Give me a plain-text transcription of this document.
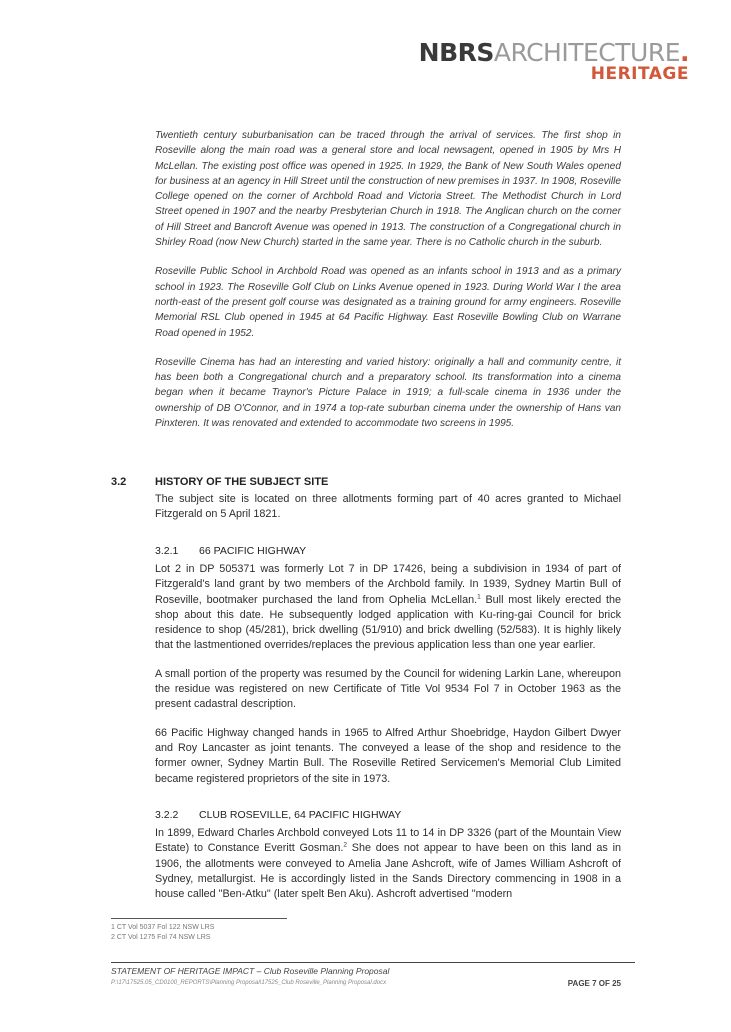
NBRSARCHITECTURE.
HERITAGE

Twentieth century suburbanisation can be traced through the arrival of services. The first shop in Roseville along the main road was a general store and local newsagent, opened in 1905 by Mrs H McLellan. The existing post office was opened in 1925. In 1929, the Bank of New South Wales opened for business at an agency in Hill Street until the construction of new premises in 1937. In 1908, Roseville College opened on the corner of Archbold Road and Victoria Street. The Methodist Church in Lord Street opened in 1907 and the nearby Presbyterian Church in 1918. The Anglican church on the corner of Hill Street and Bancroft Avenue was opened in 1913. The construction of a Congregational church in Shirley Road (now New Church) started in the same year. There is no Catholic church in the suburb.

Roseville Public School in Archbold Road was opened as an infants school in 1913 and as a primary school in 1923. The Roseville Golf Club on Links Avenue opened in 1923. During World War I the area north-east of the present golf course was designated as a training ground for army engineers. Roseville Memorial RSL Club opened in 1945 at 64 Pacific Highway. East Roseville Bowling Club on Warrane Road opened in 1952.

Roseville Cinema has had an interesting and varied history: originally a hall and community centre, it has been both a Congregational church and a preparatory school. Its transformation into a cinema began when it became Traynor's Picture Palace in 1919; a full-scale cinema in 1936 under the ownership of DB O'Connor, and in 1974 a top-rate suburban cinema under the ownership of Hans van Pinxteren. It was renovated and extended to accommodate two screens in 1995.

3.2	HISTORY OF THE SUBJECT SITE

The subject site is located on three allotments forming part of 40 acres granted to Michael Fitzgerald on 5 April 1821.

3.2.1 66 PACIFIC HIGHWAY

Lot 2 in DP 505371 was formerly Lot 7 in DP 17426, being a subdivision in 1934 of part of Fitzgerald's land grant by two members of the Archbold family. In 1939, Sydney Martin Bull of Roseville, bootmaker purchased the land from Ophelia McLellan.$^1$ Bull most likely erected the shop about this date. He subsequently lodged application with Ku-ring-gai Council for brick residence to shop (45/281), brick dwelling (51/910) and brick dwelling (52/583). It is highly likely that the lastmentioned overrides/replaces the previous application less than one year earlier.

A small portion of the property was resumed by the Council for widening Larkin Lane, whereupon the residue was registered on new Certificate of Title Vol 9534 Fol 7 in October 1963 as the present cadastral description.

66 Pacific Highway changed hands in 1965 to Alfred Arthur Shoebridge, Haydon Gilbert Dwyer and Roy Lancaster as joint tenants. The conveyed a lease of the shop and residence to the former owner, Sydney Martin Bull. The Roseville Retired Servicemen's Memorial Club Limited became registered proprietors of the site in 1973.

3.2.2 CLUB ROSEVILLE, 64 PACIFIC HIGHWAY

In 1899, Edward Charles Archbold conveyed Lots 11 to 14 in DP 3326 (part of the Mountain View Estate) to Constance Everitt Gosman.$^2$ She does not appear to have been on this land as in 1906, the allotments were conveyed to Amelia Jane Ashcroft, wife of James William Ashcroft of Sydney, metallurgist. He is accordingly listed in the Sands Directory commencing in 1908 in a house called "Ben-Atku" (later spelt Ben Aku). Ashcroft advertised "modern

1 CT Vol 5037 Fol 122 NSW LRS
2 CT Vol 1275 Fol 74 NSW LRS
STATEMENT OF HERITAGE IMPACT – Club Roseville Planning Proposal
P:\17\17525.05_CD0100_REPORTS\Planning Proposal\17525_Club Roseville_Planning Proposal.docx	PAGE 7 OF 25
